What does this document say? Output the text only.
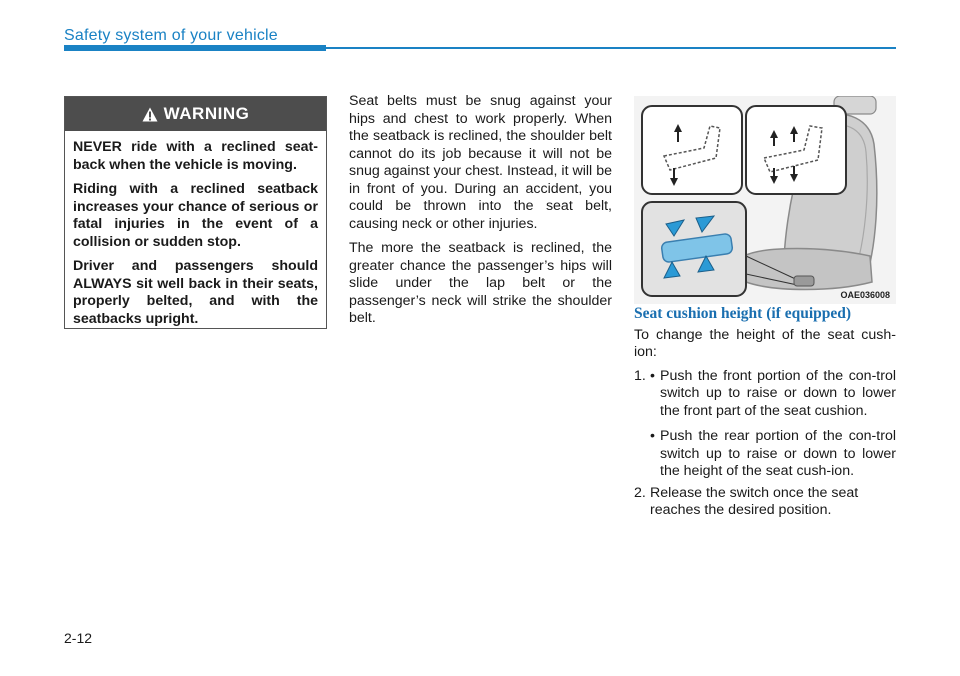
Safety system of your vehicle
WARNING

NEVER ride with a reclined seat-back when the vehicle is moving.

Riding with a reclined seatback increases your chance of serious or fatal injuries in the event of a collision or sudden stop.

Driver and passengers should ALWAYS sit well back in their seats, properly belted, and with the seatbacks upright.

Seat belts must be snug against your hips and chest to work properly. When the seatback is reclined, the shoulder belt cannot do its job because it will not be snug against your chest. Instead, it will be in front of you. During an accident, you could be thrown into the seat belt, causing neck or other injuries.

The more the seatback is reclined, the greater chance the passenger’s hips will slide under the lap belt or the passenger’s neck will strike the shoulder belt.

OAE036008
Seat cushion height (if equipped)

To change the height of the seat cush-ion:

1. • Push the front portion of the con-trol switch up to raise or down to lower the front part of the seat cushion.
• Push the rear portion of the con-trol switch up to raise or down to lower the height of the seat cush-ion.
2. Release the switch once the seat reaches the desired position.
2-12
